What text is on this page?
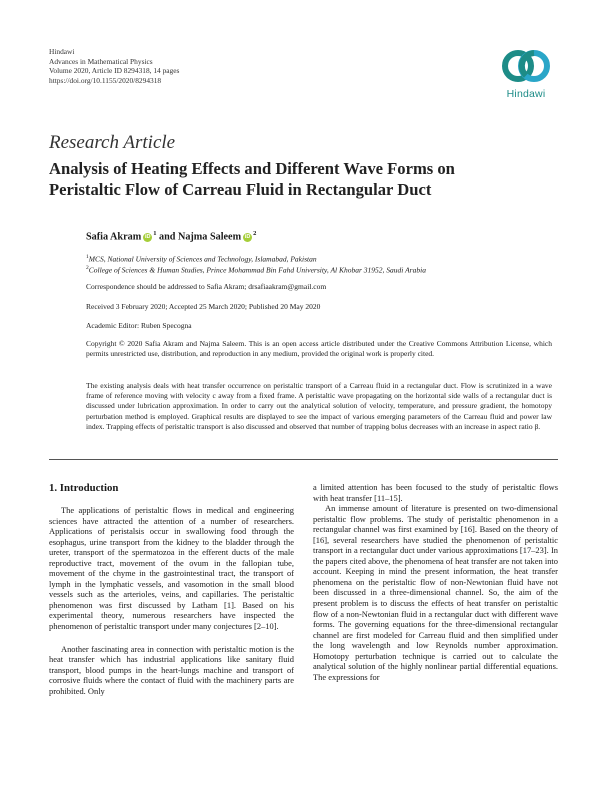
Hindawi
Advances in Mathematical Physics
Volume 2020, Article ID 8294318, 14 pages
https://doi.org/10.1155/2020/8294318
Hindawi
Research Article
Analysis of Heating Effects and Different Wave Forms on
Peristaltic Flow of Carreau Fluid in Rectangular Duct
Safia Akram $iD^1$ and Najma Saleem $iD^2$
$^1$MCS, National University of Sciences and Technology, Islamabad, Pakistan
$^2$College of Sciences & Human Studies, Prince Mohammad Bin Fahd University, Al Khobar 31952, Saudi Arabia
Correspondence should be addressed to Safia Akram; drsafiaakram@gmail.com
Received 3 February 2020; Accepted 25 March 2020; Published 20 May 2020
Academic Editor: Ruben Specogna
Copyright © 2020 Safia Akram and Najma Saleem. This is an open access article distributed under the Creative Commons Attribution License, which permits unrestricted use, distribution, and reproduction in any medium, provided the original work is properly cited.
The existing analysis deals with heat transfer occurrence on peristaltic transport of a Carreau fluid in a rectangular duct. Flow is scrutinized in a wave frame of reference moving with velocity c away from a fixed frame. A peristaltic wave propagating on the horizontal side walls of a rectangular duct is discussed under lubrication approximation. In order to carry out the analytical solution of velocity, temperature, and pressure gradient, the homotopy perturbation method is employed. Graphical results are displayed to see the impact of various emerging parameters of the Carreau fluid and power law index. Trapping effects of peristaltic transport is also discussed and observed that number of trapping bolus decreases with an increase in aspect ratio β.
1. Introduction

The applications of peristaltic flows in medical and engineering sciences have attracted the attention of a number of researchers. Applications of peristalsis occur in swallowing food through the esophagus, urine transport from the kidney to the bladder through the ureter, transport of the spermatozoa in the efferent ducts of the male reproductive tract, movement of the ovum in the fallopian tube, movement of the chyme in the gastrointestinal tract, the transport of lymph in the lymphatic vessels, and vasomotion in the small blood vessels such as the arterioles, veins, and capillaries. The peristaltic phenomenon was first discussed by Latham [1]. Based on his experimental theory, numerous researchers have inspected the phenomenon of peristaltic transport under many conjectures [2–10].

Another fascinating area in connection with peristaltic motion is the heat transfer which has industrial applications like sanitary fluid transport, blood pumps in the heart-lungs machine and transport of corrosive fluids where the contact of fluid with the machinery parts are prohibited. Only

a limited attention has been focused to the study of peristaltic flows with heat transfer [11–15].

An immense amount of literature is presented on two-dimensional peristaltic flow problems. The study of peristaltic phenomenon in a rectangular channel was first examined by [16]. Based on the theory of [16], several researchers have studied the phenomenon of peristaltic transport in a rectangular duct under various approximations [17–23]. In the papers cited above, the phenomena of heat transfer are not taken into account. Keeping in mind the present information, the heat transfer phenomena on the peristaltic flow of non-Newtonian fluid have not been discussed in a three-dimensional channel. So, the aim of the present problem is to discuss the effects of heat transfer on peristaltic flow of a non-Newtonian fluid in a rectangular duct with different wave forms. The governing equations for the three-dimensional rectangular channel are first modeled for Carreau fluid and then simplified under the long wavelength and low Reynolds number approximation. Homotopy perturbation technique is carried out to calculate the analytical solution of the highly nonlinear partial differential equations. The expressions for
